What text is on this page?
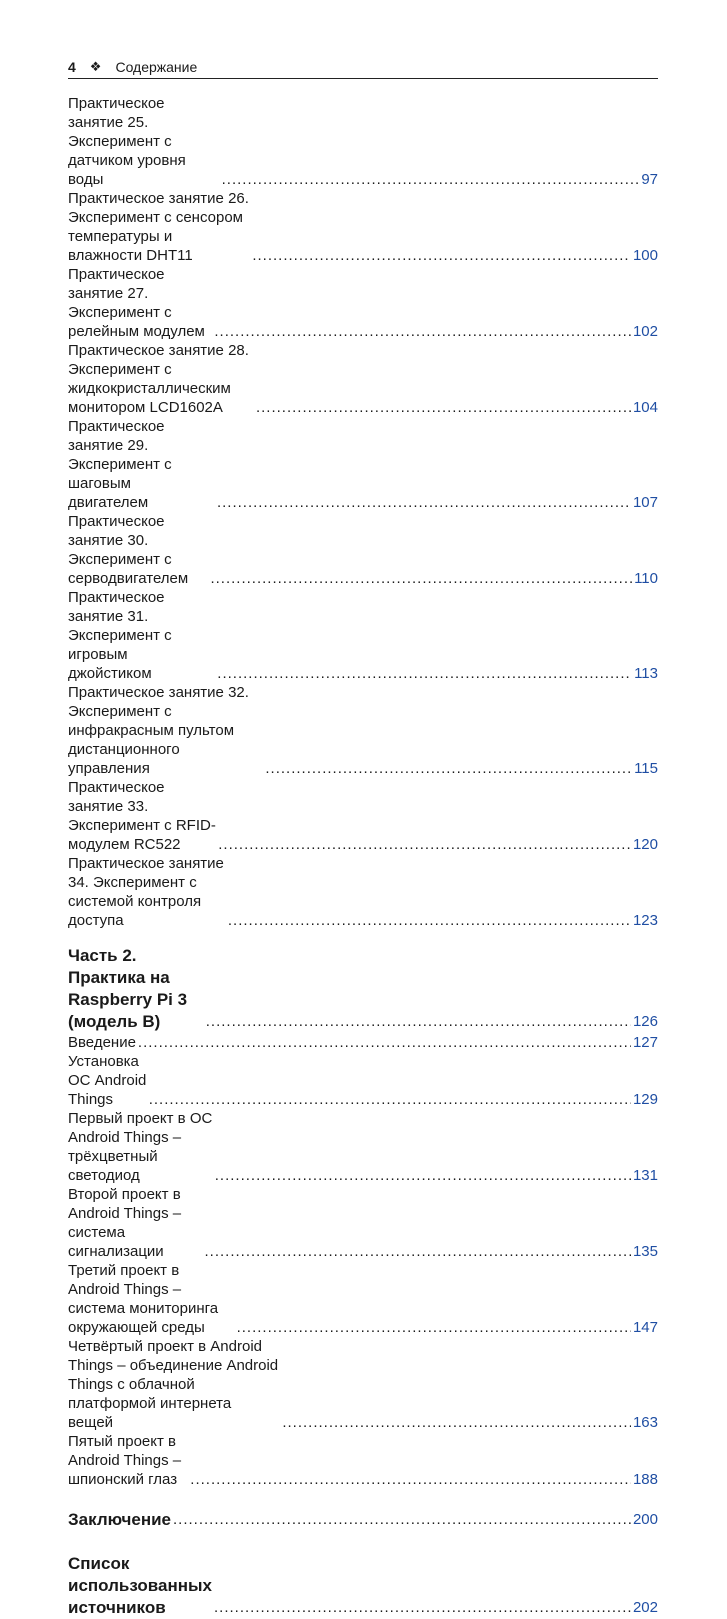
4 ❖ Содержание
Практическое занятие 25. Эксперимент с датчиком уровня воды .....	97
Практическое занятие 26. Эксперимент с сенсором температуры и влажности DHT11 .....	100
Практическое занятие 27. Эксперимент с релейным модулем .....	102
Практическое занятие 28. Эксперимент с жидкокристаллическим монитором LCD1602A .....	104
Практическое занятие 29. Эксперимент с шаговым двигателем .....	107
Практическое занятие 30. Эксперимент с серводвигателем .....	110
Практическое занятие 31. Эксперимент с игровым джойстиком .....	113
Практическое занятие 32. Эксперимент с инфракрасным пультом дистанционного управления .....	115
Практическое занятие 33. Эксперимент с RFID-модулем RC522 .....	120
Практическое занятие 34. Эксперимент с системой контроля доступа .....	123
Часть 2. Практика на Raspberry Pi 3 (модель B) .....	126
Введение .....	127
Установка ОС Android Things .....	129
Первый проект в ОС Android Things – трёхцветный светодиод .....	131
Второй проект в Android Things – система сигнализации .....	135
Третий проект в Android Things – система мониторинга окружающей среды .....	147
Четвёртый проект в Android Things – объединение Android Things с облачной платформой интернета вещей .....	163
Пятый проект в Android Things – шпионский глаз .....	188
Заключение .....	200
Список использованных источников .....	202
